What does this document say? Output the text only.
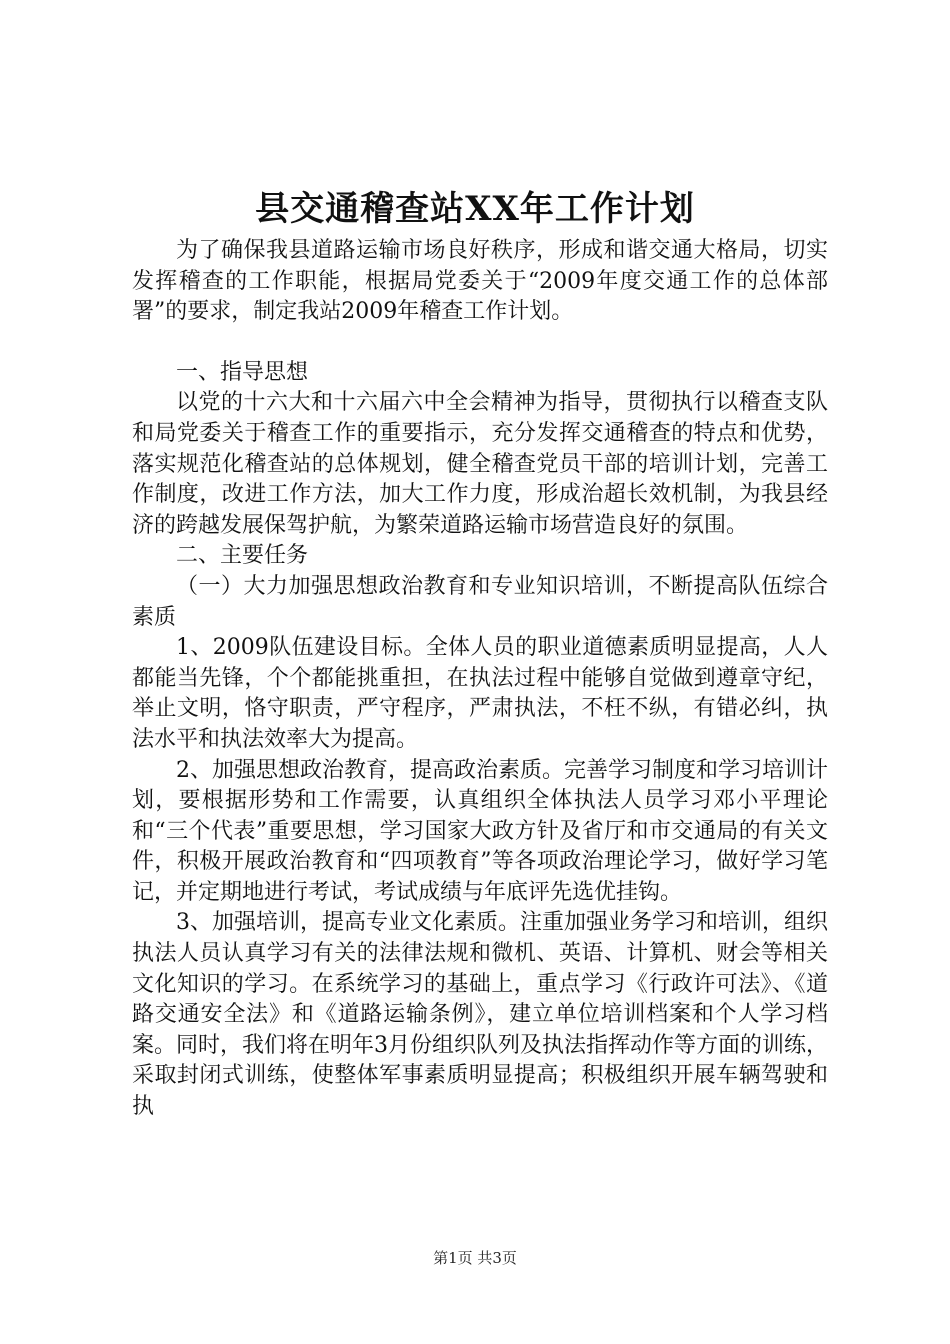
县交通稽查站XX年工作计划

为了确保我县道路运输市场良好秩序，形成和谐交通大格局，切实发挥稽查的工作职能，根据局党委关于“2009年度交通工作的总体部署”的要求，制定我站2009年稽查工作计划。

一、指导思想

以党的十六大和十六届六中全会精神为指导，贯彻执行以稽查支队和局党委关于稽查工作的重要指示，充分发挥交通稽查的特点和优势，落实规范化稽查站的总体规划，健全稽查党员干部的培训计划，完善工作制度，改进工作方法，加大工作力度，形成治超长效机制，为我县经济的跨越发展保驾护航，为繁荣道路运输市场营造良好的氛围。

二、主要任务

（一）大力加强思想政治教育和专业知识培训，不断提高队伍综合素质

1、2009队伍建设目标。全体人员的职业道德素质明显提高，人人都能当先锋，个个都能挑重担，在执法过程中能够自觉做到遵章守纪，举止文明，恪守职责，严守程序，严肃执法，不枉不纵，有错必纠，执法水平和执法效率大为提高。

2、加强思想政治教育，提高政治素质。完善学习制度和学习培训计划，要根据形势和工作需要，认真组织全体执法人员学习邓小平理论和“三个代表”重要思想，学习国家大政方针及省厅和市交通局的有关文件，积极开展政治教育和“四项教育”等各项政治理论学习，做好学习笔记，并定期地进行考试，考试成绩与年底评先选优挂钩。

3、加强培训，提高专业文化素质。注重加强业务学习和培训，组织执法人员认真学习有关的法律法规和微机、英语、计算机、财会等相关文化知识的学习。在系统学习的基础上，重点学习《行政许可法》、《道路交通安全法》和《道路运输条例》，建立单位培训档案和个人学习档案。同时，我们将在明年3月份组织队列及执法指挥动作等方面的训练，采取封闭式训练，使整体军事素质明显提高；积极组织开展车辆驾驶和执

第1页 共3页
